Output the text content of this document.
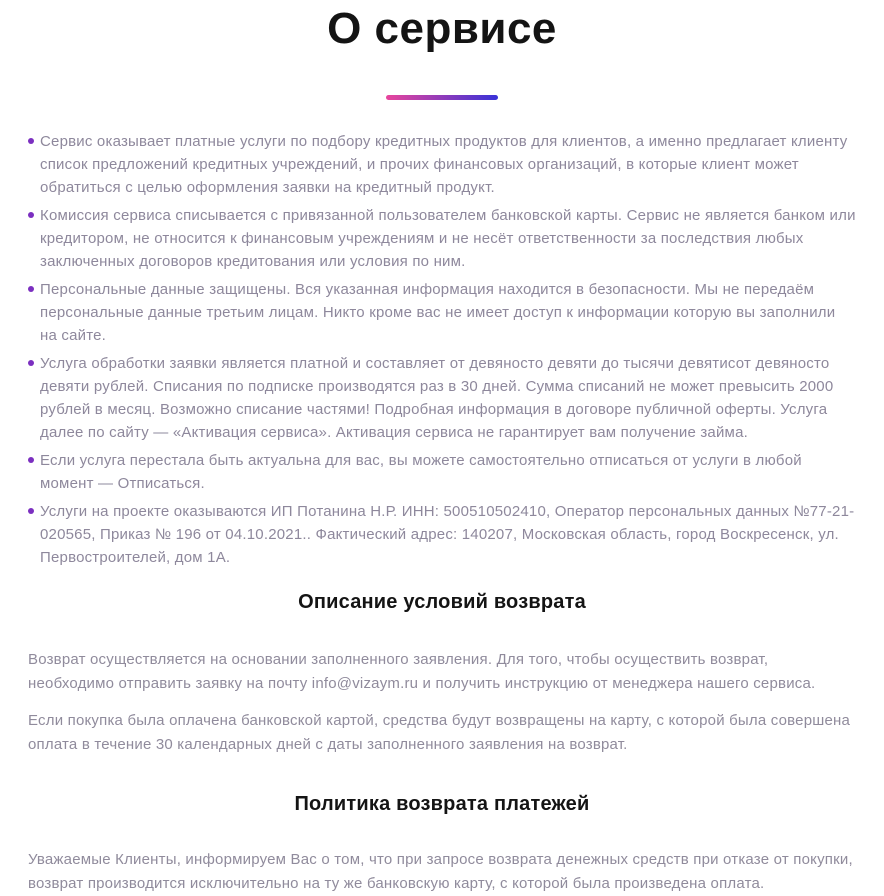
О сервисе
Сервис оказывает платные услуги по подбору кредитных продуктов для клиентов, а именно предлагает клиенту список предложений кредитных учреждений, и прочих финансовых организаций, в которые клиент может обратиться с целью оформления заявки на кредитный продукт.
Комиссия сервиса списывается с привязанной пользователем банковской карты. Сервис не является банком или кредитором, не относится к финансовым учреждениям и не несёт ответственности за последствия любых заключенных договоров кредитования или условия по ним.
Персональные данные защищены. Вся указанная информация находится в безопасности. Мы не передаём персональные данные третьим лицам. Никто кроме вас не имеет доступ к информации которую вы заполнили на сайте.
Услуга обработки заявки является платной и составляет от девяносто девяти до тысячи девятисот девяносто девяти рублей. Списания по подписке производятся раз в 30 дней. Сумма списаний не может превысить 2000 рублей в месяц. Возможно списание частями! Подробная информация в договоре публичной оферты. Услуга далее по сайту — «Активация сервиса». Активация сервиса не гарантирует вам получение займа.
Если услуга перестала быть актуальна для вас, вы можете самостоятельно отписаться от услуги в любой момент — Отписаться.
Услуги на проекте оказываются ИП Потанина Н.Р. ИНН: 500510502410, Оператор персональных данных №77-21-020565, Приказ № 196 от 04.10.2021.. Фактический адрес: 140207, Московская область, город Воскресенск, ул. Первостроителей, дом 1А.
Описание условий возврата

Возврат осуществляется на основании заполненного заявления. Для того, чтобы осуществить возврат, необходимо отправить заявку на почту info@vizaym.ru и получить инструкцию от менеджера нашего сервиса.

Если покупка была оплачена банковской картой, средства будут возвращены на карту, с которой была совершена оплата в течение 30 календарных дней с даты заполненного заявления на возврат.

Политика возврата платежей

Уважаемые Клиенты, информируем Вас о том, что при запросе возврата денежных средств при отказе от покупки, возврат производится исключительно на ту же банковскую карту, с которой была произведена оплата.
